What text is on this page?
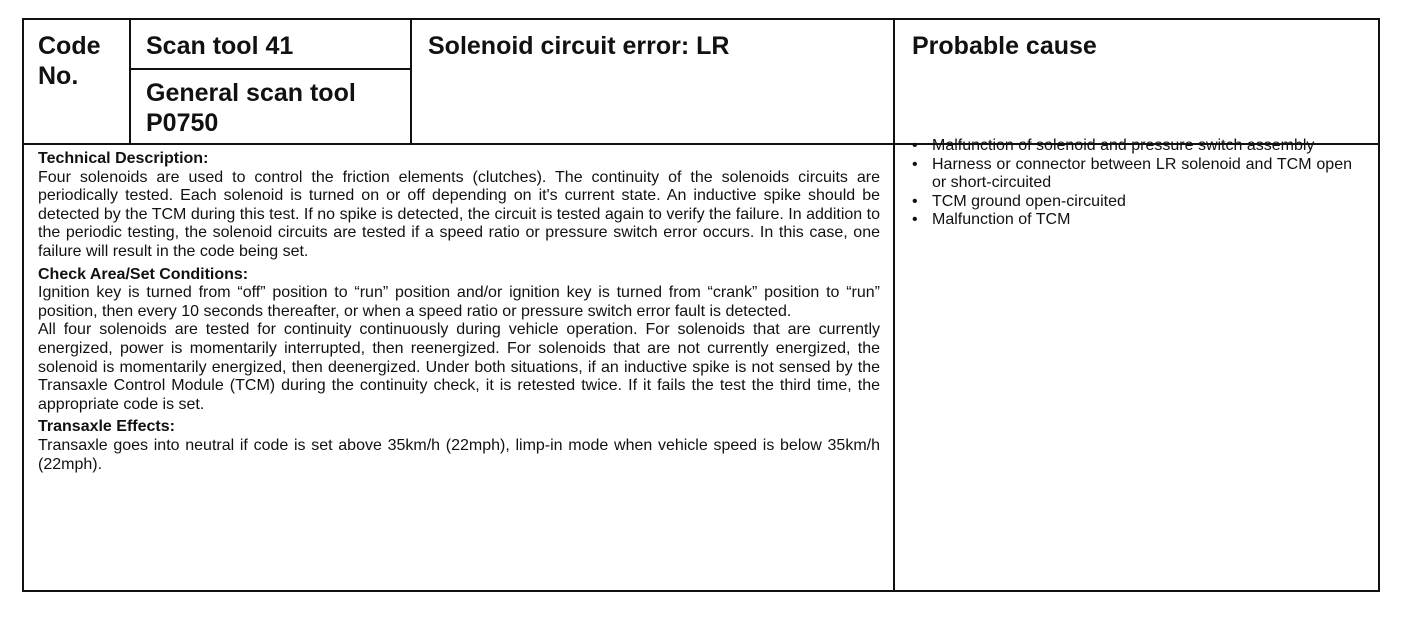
Code
No.
Scan tool 41
General scan tool
P0750
Solenoid circuit error: LR	Probable cause

Technical Description:

Four solenoids are used to control the friction elements (clutches). The continuity of the solenoids circuits are periodically tested. Each solenoid is turned on or off depending on it's current state. An inductive spike should be detected by the TCM during this test. If no spike is detected, the circuit is tested again to verify the failure. In addition to the periodic testing, the solenoid circuits are tested if a speed ratio or pressure switch error occurs. In this case, one failure will result in the code being set.

Check Area/Set Conditions:

Ignition key is turned from “off” position to “run” position and/or ignition key is turned from “crank” position to “run” position, then every 10 seconds thereafter, or when a speed ratio or pressure switch error fault is detected.

All four solenoids are tested for continuity continuously during vehicle operation. For solenoids that are currently energized, power is momentarily interrupted, then reenergized. For solenoids that are not currently energized, the solenoid is momentarily energized, then deenergized. Under both situations, if an inductive spike is not sensed by the Transaxle Control Module (TCM) during the continuity check, it is retested twice. If it fails the test the third time, the appropriate code is set.

Transaxle Effects:

Transaxle goes into neutral if code is set above 35km/h (22mph), limp-in mode when vehicle speed is below 35km/h (22mph).

• Malfunction of solenoid and pressure switch assembly
• Harness or connector between LR solenoid and TCM open or short-circuited
• TCM ground open-circuited
• Malfunction of TCM
